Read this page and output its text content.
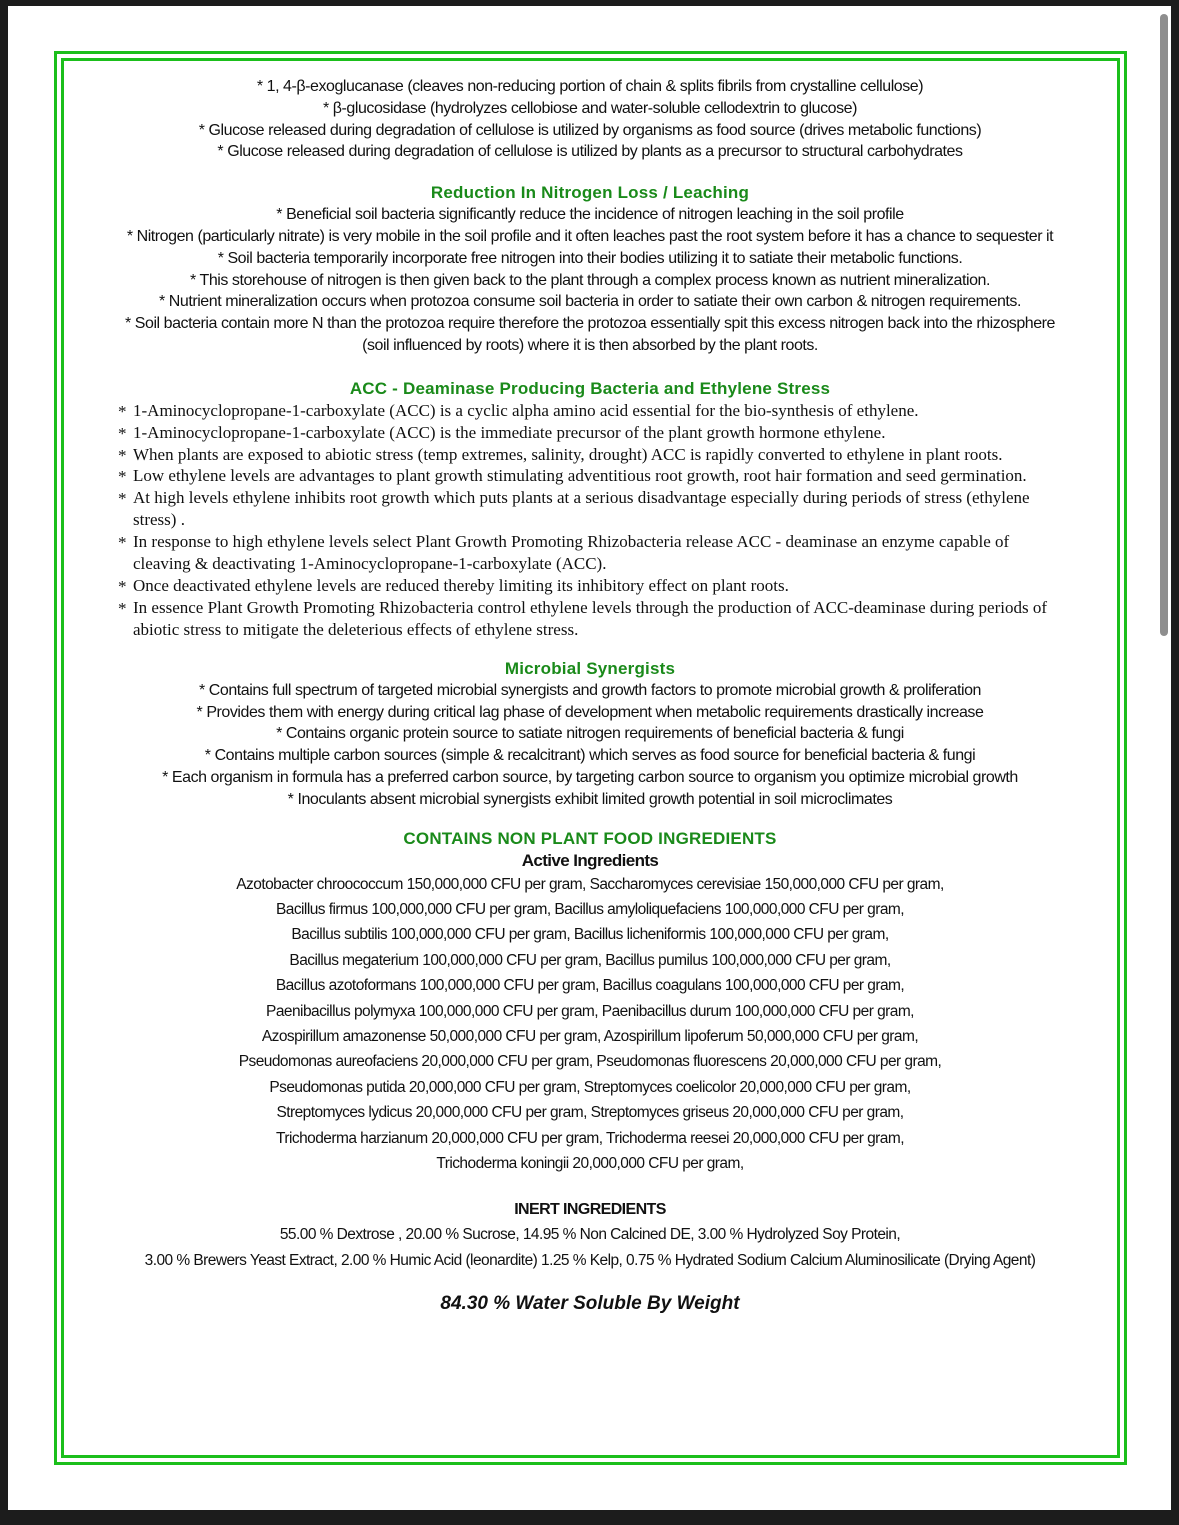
* 1, 4-β-exoglucanase (cleaves non-reducing portion of chain & splits fibrils from crystalline cellulose)
* β-glucosidase (hydrolyzes cellobiose and water-soluble cellodextrin to glucose)
* Glucose released during degradation of cellulose is utilized by organisms as food source (drives metabolic functions)
* Glucose released during degradation of cellulose is utilized by plants as a precursor to structural carbohydrates
Reduction In Nitrogen Loss / Leaching
* Beneficial soil bacteria significantly reduce the incidence of nitrogen leaching in the soil profile
* Nitrogen (particularly nitrate) is very mobile in the soil profile and it often leaches past the root system before it has a chance to sequester it
* Soil bacteria temporarily incorporate free nitrogen into their bodies utilizing it to satiate their metabolic functions.
* This storehouse of nitrogen is then given back to the plant through a complex process known as nutrient mineralization.
* Nutrient mineralization occurs when protozoa consume soil bacteria in order to satiate their own carbon & nitrogen requirements.
* Soil bacteria contain more N than the protozoa require therefore the protozoa essentially spit this excess nitrogen back into the rhizosphere
(soil influenced by roots) where it is then absorbed by the plant roots.
ACC - Deaminase Producing Bacteria and Ethylene Stress
* 1-Aminocyclopropane-1-carboxylate (ACC) is a cyclic alpha amino acid essential for the bio-synthesis of ethylene.
* 1-Aminocyclopropane-1-carboxylate (ACC) is the immediate precursor of the plant growth hormone ethylene.
* When plants are exposed to abiotic stress (temp extremes, salinity, drought) ACC is rapidly converted to ethylene in plant roots.
* Low ethylene levels are advantages to plant growth stimulating adventitious root growth, root hair formation and seed germination.
* At high levels ethylene inhibits root growth which puts plants at a serious disadvantage especially during periods of stress (ethylene stress) .
* In response to high ethylene levels select Plant Growth Promoting Rhizobacteria release ACC - deaminase an enzyme capable of cleaving & deactivating 1-Aminocyclopropane-1-carboxylate (ACC).
* Once deactivated ethylene levels are reduced thereby limiting its inhibitory effect on plant roots.
* In essence Plant Growth Promoting Rhizobacteria control ethylene levels through the production of ACC-deaminase during periods of abiotic stress to mitigate the deleterious effects of ethylene stress.
Microbial Synergists
* Contains full spectrum of targeted microbial synergists and growth factors to promote microbial growth & proliferation
* Provides them with energy during critical lag phase of development when metabolic requirements drastically increase
* Contains organic protein source to satiate nitrogen requirements of beneficial bacteria & fungi
* Contains multiple carbon sources (simple & recalcitrant) which serves as food source for beneficial bacteria & fungi
* Each organism in formula has a preferred carbon source, by targeting carbon source to organism you optimize microbial growth
* Inoculants absent microbial synergists exhibit limited growth potential in soil microclimates
CONTAINS NON PLANT FOOD INGREDIENTS
Active Ingredients
Azotobacter chroococcum 150,000,000 CFU per gram, Saccharomyces cerevisiae 150,000,000 CFU per gram,
Bacillus firmus 100,000,000 CFU per gram, Bacillus amyloliquefaciens 100,000,000 CFU per gram,
Bacillus subtilis 100,000,000 CFU per gram, Bacillus licheniformis 100,000,000 CFU per gram,
Bacillus megaterium 100,000,000 CFU per gram, Bacillus pumilus 100,000,000 CFU per gram,
Bacillus azotoformans 100,000,000 CFU per gram, Bacillus coagulans 100,000,000 CFU per gram,
Paenibacillus polymyxa 100,000,000 CFU per gram, Paenibacillus durum 100,000,000 CFU per gram,
Azospirillum amazonense 50,000,000 CFU per gram, Azospirillum lipoferum 50,000,000 CFU per gram,
Pseudomonas aureofaciens 20,000,000 CFU per gram, Pseudomonas fluorescens 20,000,000 CFU per gram,
Pseudomonas putida 20,000,000 CFU per gram, Streptomyces coelicolor 20,000,000 CFU per gram,
Streptomyces lydicus 20,000,000 CFU per gram, Streptomyces griseus 20,000,000 CFU per gram,
Trichoderma harzianum 20,000,000 CFU per gram, Trichoderma reesei 20,000,000 CFU per gram,
Trichoderma koningii 20,000,000 CFU per gram,
INERT INGREDIENTS
55.00 % Dextrose , 20.00 % Sucrose, 14.95 % Non Calcined DE, 3.00 % Hydrolyzed Soy Protein,
3.00 % Brewers Yeast Extract, 2.00 % Humic Acid (leonardite) 1.25 % Kelp, 0.75 % Hydrated Sodium Calcium Aluminosilicate (Drying Agent)
84.30 % Water Soluble By Weight
